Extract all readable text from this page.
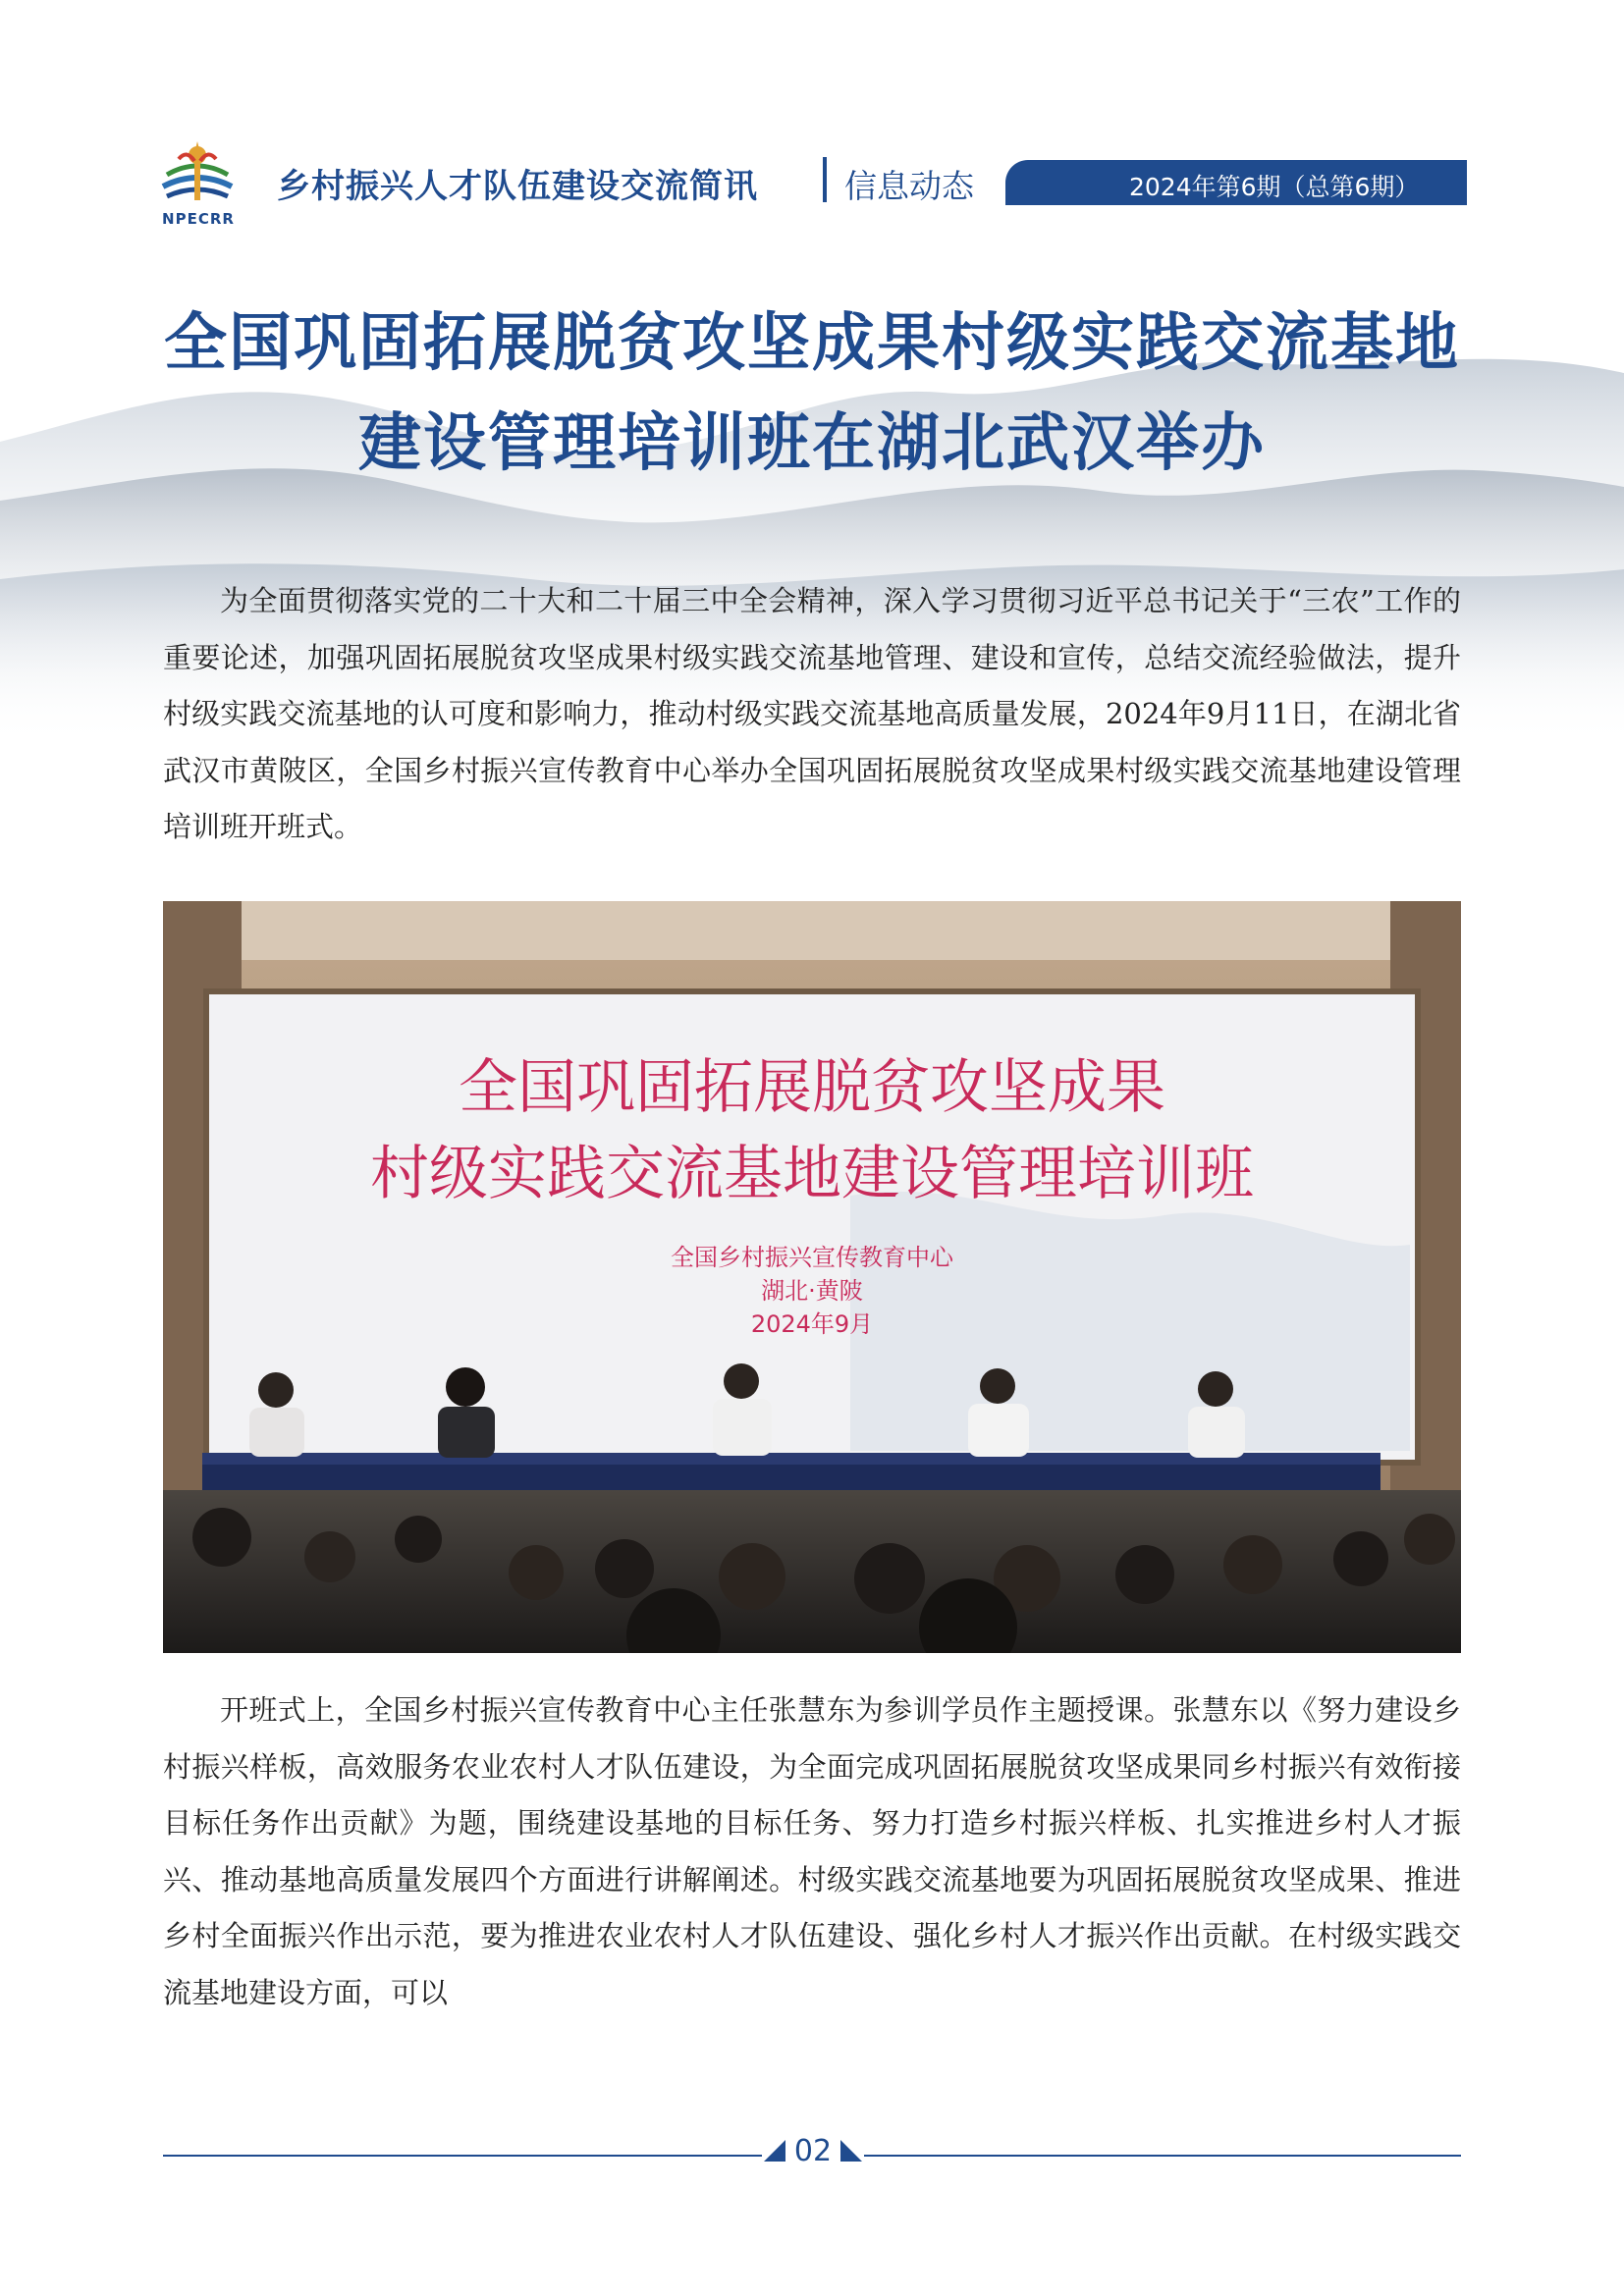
NPECRR
乡村振兴人才队伍建设交流简讯	信息动态	2024年第6期（总第6期）
全国巩固拓展脱贫攻坚成果村级实践交流基地
建设管理培训班在湖北武汉举办

为全面贯彻落实党的二十大和二十届三中全会精神，深入学习贯彻习近平总书记关于“三农”工作的重要论述，加强巩固拓展脱贫攻坚成果村级实践交流基地管理、建设和宣传，总结交流经验做法，提升村级实践交流基地的认可度和影响力，推动村级实践交流基地高质量发展，2024年9月11日，在湖北省武汉市黄陂区，全国乡村振兴宣传教育中心举办全国巩固拓展脱贫攻坚成果村级实践交流基地建设管理培训班开班式。

全国巩固拓展脱贫攻坚成果
村级实践交流基地建设管理培训班
全国乡村振兴宣传教育中心
湖北·黄陂
2024年9月

开班式上，全国乡村振兴宣传教育中心主任张慧东为参训学员作主题授课。张慧东以《努力建设乡村振兴样板，高效服务农业农村人才队伍建设，为全面完成巩固拓展脱贫攻坚成果同乡村振兴有效衔接目标任务作出贡献》为题，围绕建设基地的目标任务、努力打造乡村振兴样板、扎实推进乡村人才振兴、推动基地高质量发展四个方面进行讲解阐述。村级实践交流基地要为巩固拓展脱贫攻坚成果、推进乡村全面振兴作出示范，要为推进农业农村人才队伍建设、强化乡村人才振兴作出贡献。在村级实践交流基地建设方面，可以

02
